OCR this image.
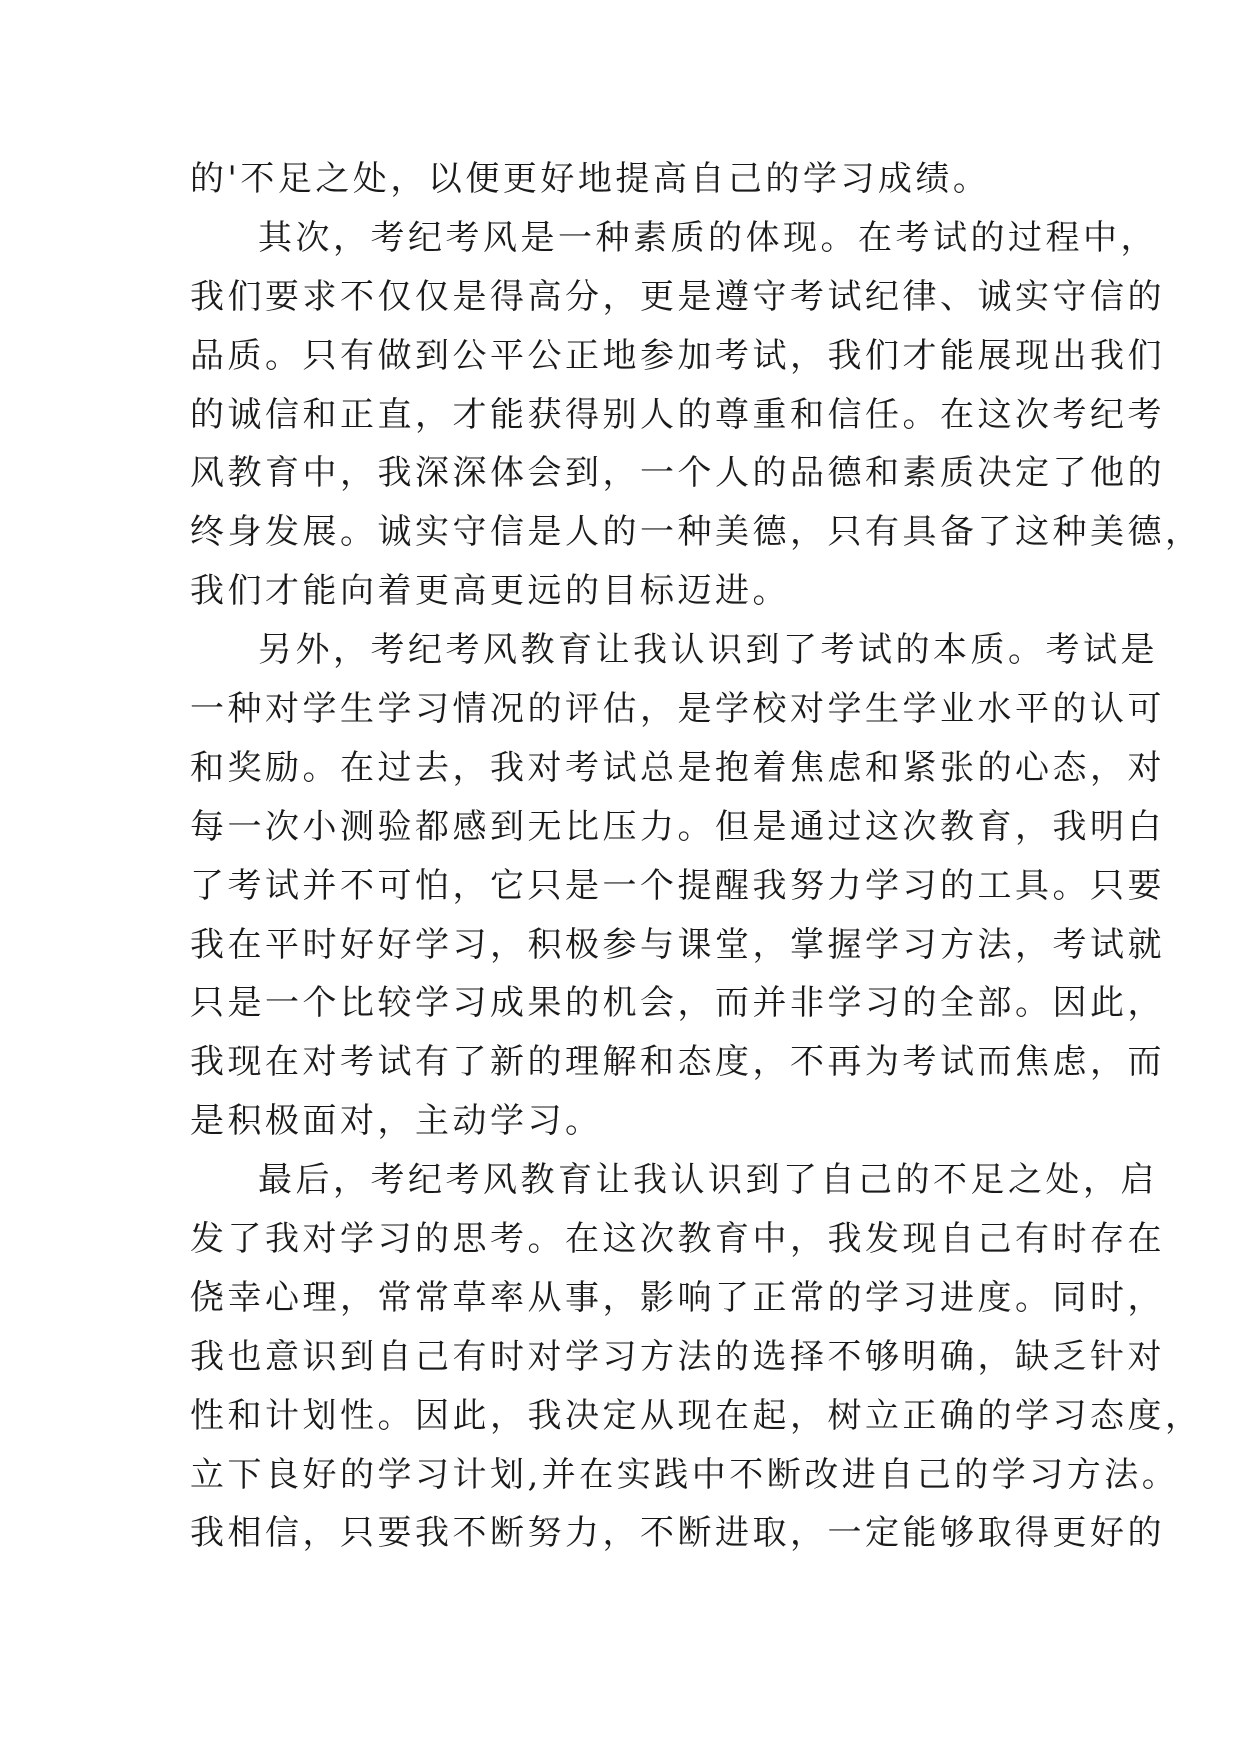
的'不足之处，以便更好地提高自己的学习成绩。
其次，考纪考风是一种素质的体现。在考试的过程中，
我们要求不仅仅是得高分，更是遵守考试纪律、诚实守信的
品质。只有做到公平公正地参加考试，我们才能展现出我们
的诚信和正直，才能获得别人的尊重和信任。在这次考纪考
风教育中，我深深体会到，一个人的品德和素质决定了他的
终身发展。诚实守信是人的一种美德，只有具备了这种美德，
我们才能向着更高更远的目标迈进。
另外，考纪考风教育让我认识到了考试的本质。考试是
一种对学生学习情况的评估，是学校对学生学业水平的认可
和奖励。在过去，我对考试总是抱着焦虑和紧张的心态，对
每一次小测验都感到无比压力。但是通过这次教育，我明白
了考试并不可怕，它只是一个提醒我努力学习的工具。只要
我在平时好好学习，积极参与课堂，掌握学习方法，考试就
只是一个比较学习成果的机会，而并非学习的全部。因此，
我现在对考试有了新的理解和态度，不再为考试而焦虑，而
是积极面对，主动学习。
最后，考纪考风教育让我认识到了自己的不足之处，启
发了我对学习的思考。在这次教育中，我发现自己有时存在
侥幸心理，常常草率从事，影响了正常的学习进度。同时，
我也意识到自己有时对学习方法的选择不够明确，缺乏针对
性和计划性。因此，我决定从现在起，树立正确的学习态度，
立下良好的学习计划,并在实践中不断改进自己的学习方法。
我相信，只要我不断努力，不断进取，一定能够取得更好的
